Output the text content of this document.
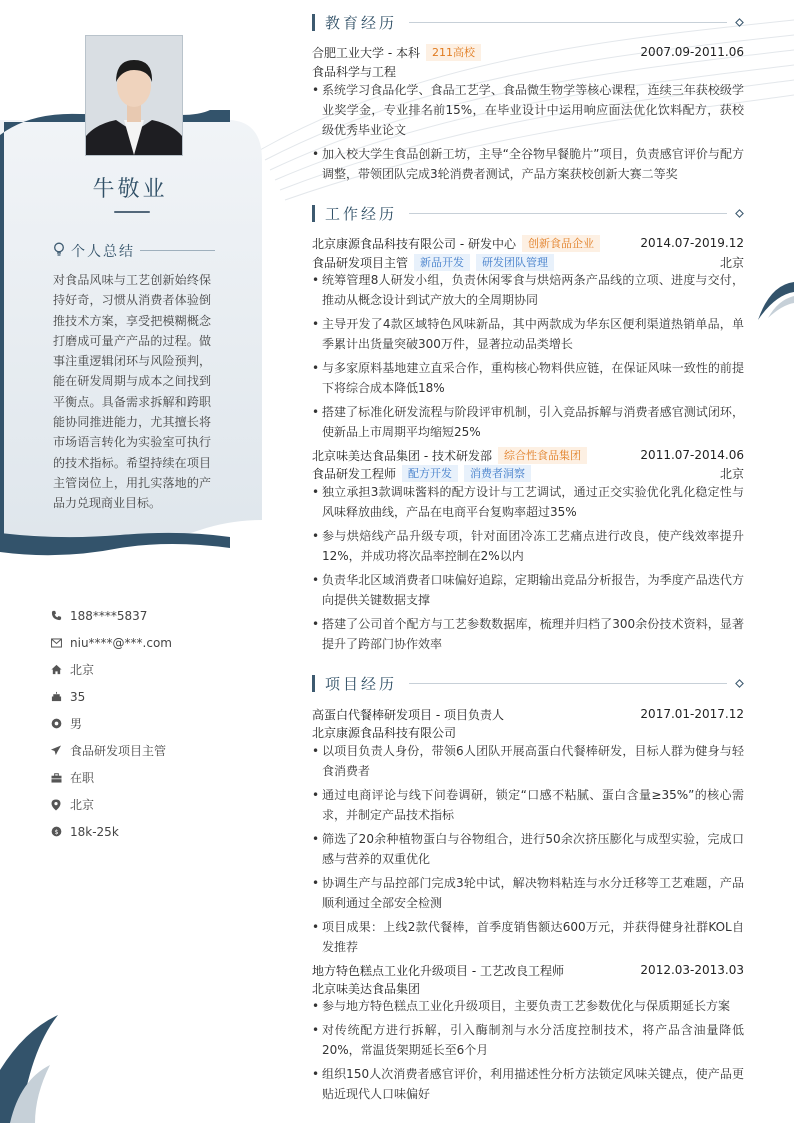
牛敬业
个人总结
对食品风味与工艺创新始终保持好奇，习惯从消费者体验倒推技术方案，享受把模糊概念打磨成可量产产品的过程。做事注重逻辑闭环与风险预判，能在研发周期与成本之间找到平衡点。具备需求拆解和跨职能协同推进能力，尤其擅长将市场语言转化为实验室可执行的技术指标。希望持续在项目主管岗位上，用扎实落地的产品力兑现商业目标。
188****5837
niu****@***.com
北京
35
男
食品研发项目主管
在职
北京
$ 18k-25k
教育经历
合肥工业大学 - 本科	211高校	2007.09-2011.06
食品科学与工程
• 系统学习食品化学、食品工艺学、食品微生物学等核心课程，连续三年获校级学业奖学金，专业排名前15%，在毕业设计中运用响应面法优化饮料配方，获校级优秀毕业论文
• 加入校大学生食品创新工坊，主导“全谷物早餐脆片”项目，负责感官评价与配方调整，带领团队完成3轮消费者测试，产品方案获校创新大赛二等奖
工作经历
北京康源食品科技有限公司 - 研发中心	创新食品企业	2014.07-2019.12
食品研发项目主管	新品开发	研发团队管理	北京
• 统筹管理8人研发小组，负责休闲零食与烘焙两条产品线的立项、进度与交付，推动从概念设计到试产放大的全周期协同
• 主导开发了4款区域特色风味新品，其中两款成为华东区便利渠道热销单品，单季累计出货量突破300万件，显著拉动品类增长
• 与多家原料基地建立直采合作，重构核心物料供应链，在保证风味一致性的前提下将综合成本降低18%
• 搭建了标准化研发流程与阶段评审机制，引入竞品拆解与消费者感官测试闭环，使新品上市周期平均缩短25%
北京味美达食品集团 - 技术研发部	综合性食品集团	2011.07-2014.06
食品研发工程师	配方开发	消费者洞察	北京
• 独立承担3款调味酱料的配方设计与工艺调试，通过正交实验优化乳化稳定性与风味释放曲线，产品在电商平台复购率超过35%
• 参与烘焙线产品升级专项，针对面团冷冻工艺痛点进行改良，使产线效率提升12%，并成功将次品率控制在2%以内
• 负责华北区域消费者口味偏好追踪，定期输出竞品分析报告，为季度产品迭代方向提供关键数据支撑
• 搭建了公司首个配方与工艺参数数据库，梳理并归档了300余份技术资料，显著提升了跨部门协作效率
项目经历
高蛋白代餐棒研发项目 - 项目负责人	2017.01-2017.12
北京康源食品科技有限公司
• 以项目负责人身份，带领6人团队开展高蛋白代餐棒研发，目标人群为健身与轻食消费者
• 通过电商评论与线下问卷调研，锁定“口感不粘腻、蛋白含量≥35%”的核心需求，并制定产品技术指标
• 筛选了20余种植物蛋白与谷物组合，进行50余次挤压膨化与成型实验，完成口感与营养的双重优化
• 协调生产与品控部门完成3轮中试，解决物料粘连与水分迁移等工艺难题，产品顺利通过全部安全检测
• 项目成果：上线2款代餐棒，首季度销售额达600万元，并获得健身社群KOL自发推荐
地方特色糕点工业化升级项目 - 工艺改良工程师	2012.03-2013.03
北京味美达食品集团
• 参与地方特色糕点工业化升级项目，主要负责工艺参数优化与保质期延长方案
• 对传统配方进行拆解，引入酶制剂与水分活度控制技术，将产品含油量降低20%，常温货架期延长至6个月
• 组织150人次消费者感官评价，利用描述性分析方法锁定风味关键点，使产品更贴近现代人口味偏好
